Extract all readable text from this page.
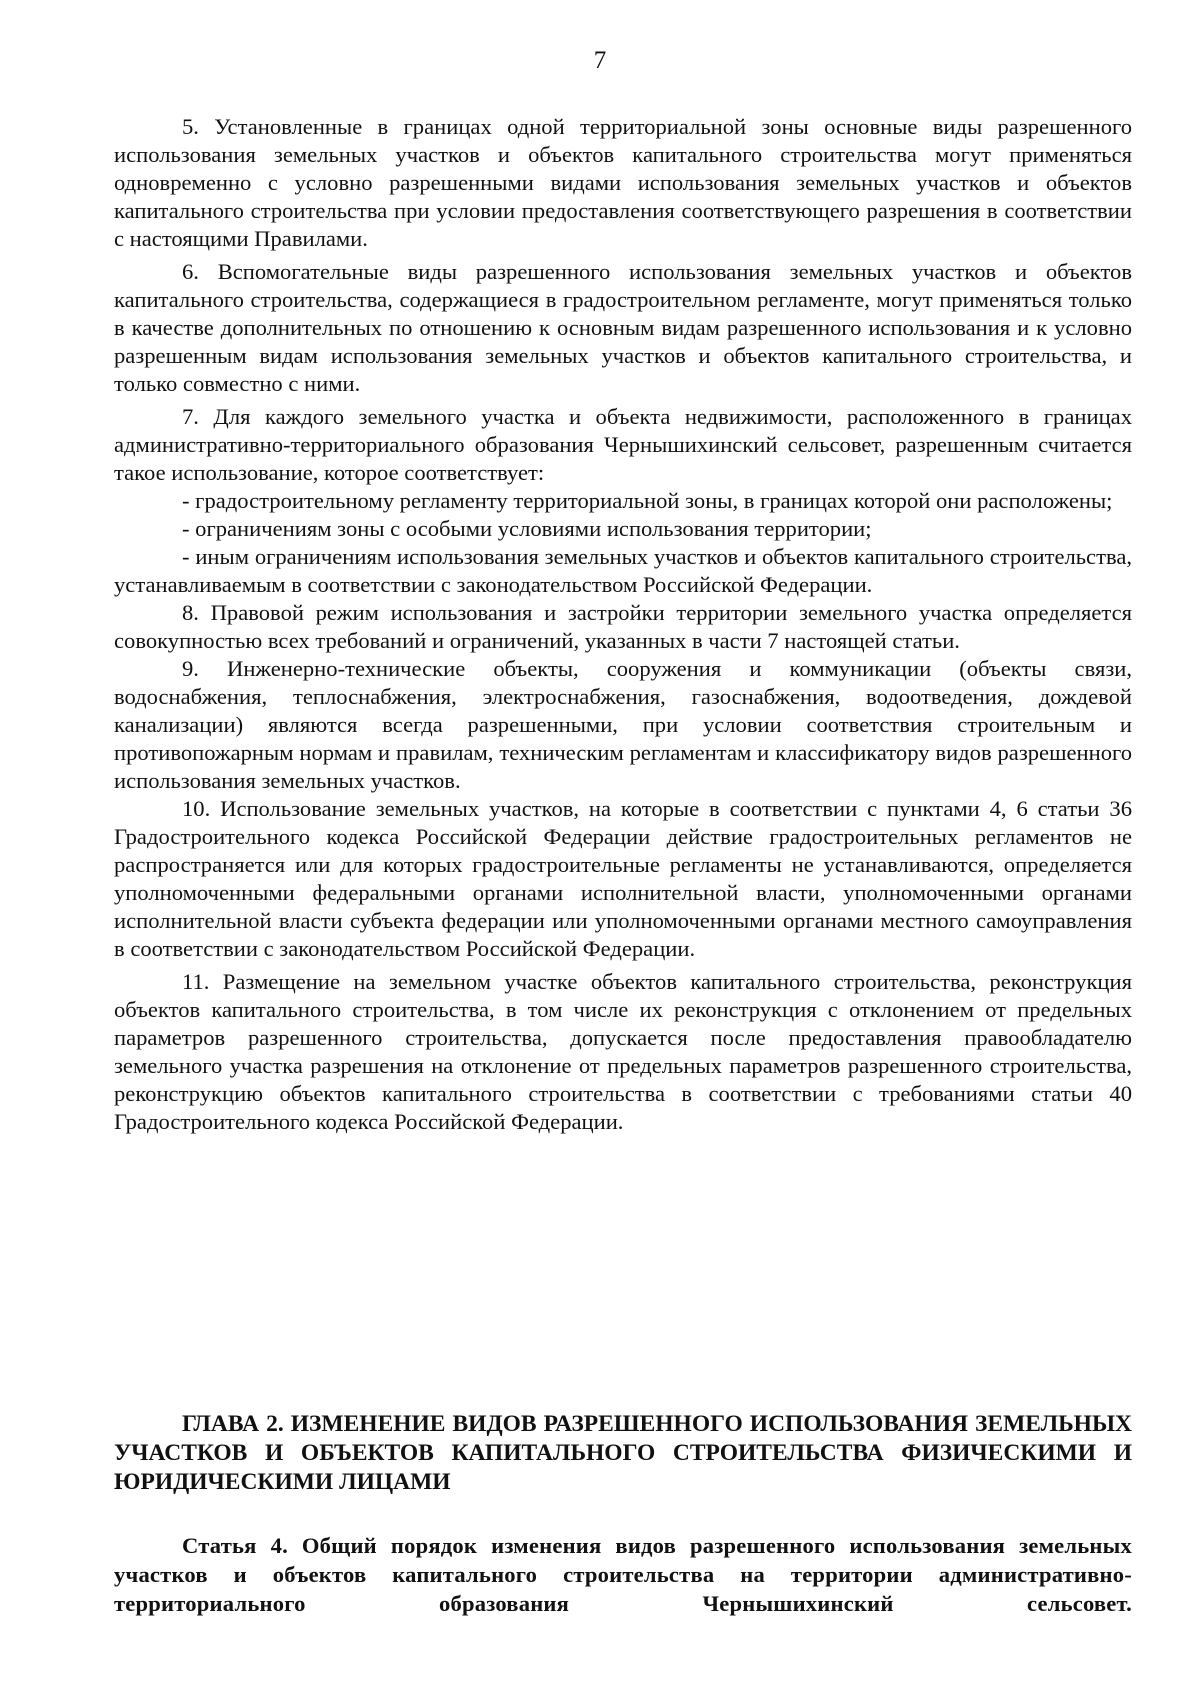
7

5. Установленные в границах одной территориальной зоны основные виды разрешенного использования земельных участков и объектов капитального строительства могут применяться одновременно с условно разрешенными видами использования земельных участков и объектов капитального строительства при условии предоставления соответствующего разрешения в соответствии с настоящими Правилами.

6. Вспомогательные виды разрешенного использования земельных участков и объектов капитального строительства, содержащиеся в градостроительном регламенте, могут применяться только в качестве дополнительных по отношению к основным видам разрешенного использования и к условно разрешенным видам использования земельных участков и объектов капитального строительства, и только совместно с ними.

7. Для каждого земельного участка и объекта недвижимости, расположенного в границах административно-территориального образования Чернышихинский сельсовет, разрешенным считается такое использование, которое соответствует:

- градостроительному регламенту территориальной зоны, в границах которой они расположены;

- ограничениям зоны с особыми условиями использования территории;

- иным ограничениям использования земельных участков и объектов капитального строительства, устанавливаемым в соответствии с законодательством Российской Федерации.

8. Правовой режим использования и застройки территории земельного участка определяется совокупностью всех требований и ограничений, указанных в части 7 настоящей статьи.

9. Инженерно-технические объекты, сооружения и коммуникации (объекты связи, водоснабжения, теплоснабжения, электроснабжения, газоснабжения, водоотведения, дождевой канализации) являются всегда разрешенными, при условии соответствия строительным и противопожарным нормам и правилам, техническим регламентам и классификатору видов разрешенного использования земельных участков.

10. Использование земельных участков, на которые в соответствии с пунктами 4, 6 статьи 36 Градостроительного кодекса Российской Федерации действие градостроительных регламентов не распространяется или для которых градостроительные регламенты не устанавливаются, определяется уполномоченными федеральными органами исполнительной власти, уполномоченными органами исполнительной власти субъекта федерации или уполномоченными органами местного самоуправления в соответствии с законодательством Российской Федерации.

11. Размещение на земельном участке объектов капитального строительства, реконструкция объектов капитального строительства, в том числе их реконструкция с отклонением от предельных параметров разрешенного строительства, допускается после предоставления правообладателю земельного участка разрешения на отклонение от предельных параметров разрешенного строительства, реконструкцию объектов капитального строительства в соответствии с требованиями статьи 40 Градостроительного кодекса Российской Федерации.

ГЛАВА 2. ИЗМЕНЕНИЕ ВИДОВ РАЗРЕШЕННОГО ИСПОЛЬЗОВАНИЯ ЗЕМЕЛЬНЫХ УЧАСТКОВ И ОБЪЕКТОВ КАПИТАЛЬНОГО СТРОИТЕЛЬСТВА ФИЗИЧЕСКИМИ И ЮРИДИЧЕСКИМИ ЛИЦАМИ

Статья 4. Общий порядок изменения видов разрешенного использования земельных участков и объектов капитального строительства на территории административно-территориального образования Чернышихинский сельсовет.
